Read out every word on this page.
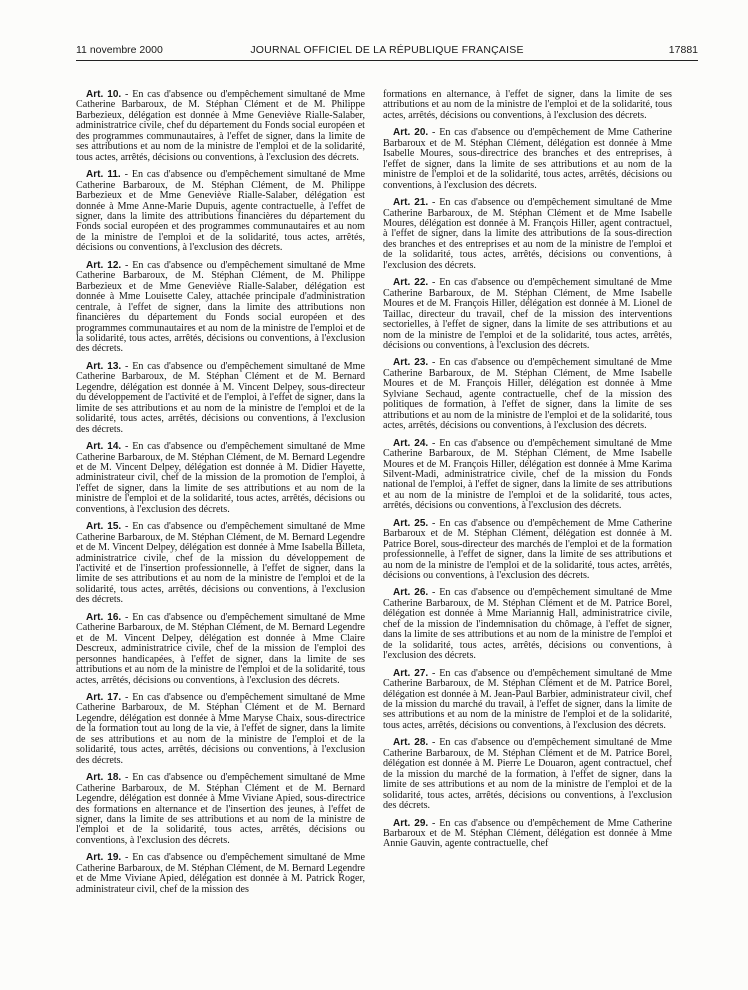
11 novembre 2000	JOURNAL OFFICIEL DE LA RÉPUBLIQUE FRANÇAISE	17881

Art. 10. - En cas d'absence ou d'empêchement simultané de Mme Catherine Barbaroux, de M. Stéphan Clément et de M. Philippe Barbezieux, délégation est donnée à Mme Geneviève Rialle-Salaber, administratrice civile, chef du département du Fonds social européen et des programmes communautaires, à l'effet de signer, dans la limite de ses attributions et au nom de la ministre de l'emploi et de la solidarité, tous actes, arrêtés, décisions ou conventions, à l'exclusion des décrets.

Art. 11. - En cas d'absence ou d'empêchement simultané de Mme Catherine Barbaroux, de M. Stéphan Clément, de M. Philippe Barbezieux et de Mme Geneviève Rialle-Salaber, délégation est donnée à Mme Anne-Marie Dupuis, agente contractuelle, à l'effet de signer, dans la limite des attributions financières du département du Fonds social européen et des programmes communautaires et au nom de la ministre de l'emploi et de la solidarité, tous actes, arrêtés, décisions ou conventions, à l'exclusion des décrets.

Art. 12. - En cas d'absence ou d'empêchement simultané de Mme Catherine Barbaroux, de M. Stéphan Clément, de M. Philippe Barbezieux et de Mme Geneviève Rialle-Salaber, délégation est donnée à Mme Louisette Caley, attachée principale d'administration centrale, à l'effet de signer, dans la limite des attributions non financières du département du Fonds social européen et des programmes communautaires et au nom de la ministre de l'emploi et de la solidarité, tous actes, arrêtés, décisions ou conventions, à l'exclusion des décrets.

Art. 13. - En cas d'absence ou d'empêchement simultané de Mme Catherine Barbaroux, de M. Stéphan Clément et de M. Bernard Legendre, délégation est donnée à M. Vincent Delpey, sous-directeur du développement de l'activité et de l'emploi, à l'effet de signer, dans la limite de ses attributions et au nom de la ministre de l'emploi et de la solidarité, tous actes, arrêtés, décisions ou conventions, à l'exclusion des décrets.

Art. 14. - En cas d'absence ou d'empêchement simultané de Mme Catherine Barbaroux, de M. Stéphan Clément, de M. Bernard Legendre et de M. Vincent Delpey, délégation est donnée à M. Didier Hayette, administrateur civil, chef de la mission de la promotion de l'emploi, à l'effet de signer, dans la limite de ses attributions et au nom de la ministre de l'emploi et de la solidarité, tous actes, arrêtés, décisions ou conventions, à l'exclusion des décrets.

Art. 15. - En cas d'absence ou d'empêchement simultané de Mme Catherine Barbaroux, de M. Stéphan Clément, de M. Bernard Legendre et de M. Vincent Delpey, délégation est donnée à Mme Isabella Billeta, administratrice civile, chef de la mission du développement de l'activité et de l'insertion professionnelle, à l'effet de signer, dans la limite de ses attributions et au nom de la ministre de l'emploi et de la solidarité, tous actes, arrêtés, décisions ou conventions, à l'exclusion des décrets.

Art. 16. - En cas d'absence ou d'empêchement simultané de Mme Catherine Barbaroux, de M. Stéphan Clément, de M. Bernard Legendre et de M. Vincent Delpey, délégation est donnée à Mme Claire Descreux, administratrice civile, chef de la mission de l'emploi des personnes handicapées, à l'effet de signer, dans la limite de ses attributions et au nom de la ministre de l'emploi et de la solidarité, tous actes, arrêtés, décisions ou conventions, à l'exclusion des décrets.

Art. 17. - En cas d'absence ou d'empêchement simultané de Mme Catherine Barbaroux, de M. Stéphan Clément et de M. Bernard Legendre, délégation est donnée à Mme Maryse Chaix, sous-directrice de la formation tout au long de la vie, à l'effet de signer, dans la limite de ses attributions et au nom de la ministre de l'emploi et de la solidarité, tous actes, arrêtés, décisions ou conventions, à l'exclusion des décrets.

Art. 18. - En cas d'absence ou d'empêchement simultané de Mme Catherine Barbaroux, de M. Stéphan Clément et de M. Bernard Legendre, délégation est donnée à Mme Viviane Apied, sous-directrice des formations en alternance et de l'insertion des jeunes, à l'effet de signer, dans la limite de ses attributions et au nom de la ministre de l'emploi et de la solidarité, tous actes, arrêtés, décisions ou conventions, à l'exclusion des décrets.

Art. 19. - En cas d'absence ou d'empêchement simultané de Mme Catherine Barbaroux, de M. Stéphan Clément, de M. Bernard Legendre et de Mme Viviane Apied, délégation est donnée à M. Patrick Roger, administrateur civil, chef de la mission des

formations en alternance, à l'effet de signer, dans la limite de ses attributions et au nom de la ministre de l'emploi et de la solidarité, tous actes, arrêtés, décisions ou conventions, à l'exclusion des décrets.

Art. 20. - En cas d'absence ou d'empêchement de Mme Catherine Barbaroux et de M. Stéphan Clément, délégation est donnée à Mme Isabelle Moures, sous-directrice des branches et des entreprises, à l'effet de signer, dans la limite de ses attributions et au nom de la ministre de l'emploi et de la solidarité, tous actes, arrêtés, décisions ou conventions, à l'exclusion des décrets.

Art. 21. - En cas d'absence ou d'empêchement simultané de Mme Catherine Barbaroux, de M. Stéphan Clément et de Mme Isabelle Moures, délégation est donnée à M. François Hiller, agent contractuel, à l'effet de signer, dans la limite des attributions de la sous-direction des branches et des entreprises et au nom de la ministre de l'emploi et de la solidarité, tous actes, arrêtés, décisions ou conventions, à l'exclusion des décrets.

Art. 22. - En cas d'absence ou d'empêchement simultané de Mme Catherine Barbaroux, de M. Stéphan Clément, de Mme Isabelle Moures et de M. François Hiller, délégation est donnée à M. Lionel de Taillac, directeur du travail, chef de la mission des interventions sectorielles, à l'effet de signer, dans la limite de ses attributions et au nom de la ministre de l'emploi et de la solidarité, tous actes, arrêtés, décisions ou conventions, à l'exclusion des décrets.

Art. 23. - En cas d'absence ou d'empêchement simultané de Mme Catherine Barbaroux, de M. Stéphan Clément, de Mme Isabelle Moures et de M. François Hiller, délégation est donnée à Mme Sylviane Sechaud, agente contractuelle, chef de la mission des politiques de formation, à l'effet de signer, dans la limite de ses attributions et au nom de la ministre de l'emploi et de la solidarité, tous actes, arrêtés, décisions ou conventions, à l'exclusion des décrets.

Art. 24. - En cas d'absence ou d'empêchement simultané de Mme Catherine Barbaroux, de M. Stéphan Clément, de Mme Isabelle Moures et de M. François Hiller, délégation est donnée à Mme Karima Silvent-Madi, administratrice civile, chef de la mission du Fonds national de l'emploi, à l'effet de signer, dans la limite de ses attributions et au nom de la ministre de l'emploi et de la solidarité, tous actes, arrêtés, décisions ou conventions, à l'exclusion des décrets.

Art. 25. - En cas d'absence ou d'empêchement de Mme Catherine Barbaroux et de M. Stéphan Clément, délégation est donnée à M. Patrice Borel, sous-directeur des marchés de l'emploi et de la formation professionnelle, à l'effet de signer, dans la limite de ses attributions et au nom de la ministre de l'emploi et de la solidarité, tous actes, arrêtés, décisions ou conventions, à l'exclusion des décrets.

Art. 26. - En cas d'absence ou d'empêchement simultané de Mme Catherine Barbaroux, de M. Stéphan Clément et de M. Patrice Borel, délégation est donnée à Mme Mariannig Hall, administratrice civile, chef de la mission de l'indemnisation du chômage, à l'effet de signer, dans la limite de ses attributions et au nom de la ministre de l'emploi et de la solidarité, tous actes, arrêtés, décisions ou conventions, à l'exclusion des décrets.

Art. 27. - En cas d'absence ou d'empêchement simultané de Mme Catherine Barbaroux, de M. Stéphan Clément et de M. Patrice Borel, délégation est donnée à M. Jean-Paul Barbier, administrateur civil, chef de la mission du marché du travail, à l'effet de signer, dans la limite de ses attributions et au nom de la ministre de l'emploi et de la solidarité, tous actes, arrêtés, décisions ou conventions, à l'exclusion des décrets.

Art. 28. - En cas d'absence ou d'empêchement simultané de Mme Catherine Barbaroux, de M. Stéphan Clément et de M. Patrice Borel, délégation est donnée à M. Pierre Le Douaron, agent contractuel, chef de la mission du marché de la formation, à l'effet de signer, dans la limite de ses attributions et au nom de la ministre de l'emploi et de la solidarité, tous actes, arrêtés, décisions ou conventions, à l'exclusion des décrets.

Art. 29. - En cas d'absence ou d'empêchement de Mme Catherine Barbaroux et de M. Stéphan Clément, délégation est donnée à Mme Annie Gauvin, agente contractuelle, chef
